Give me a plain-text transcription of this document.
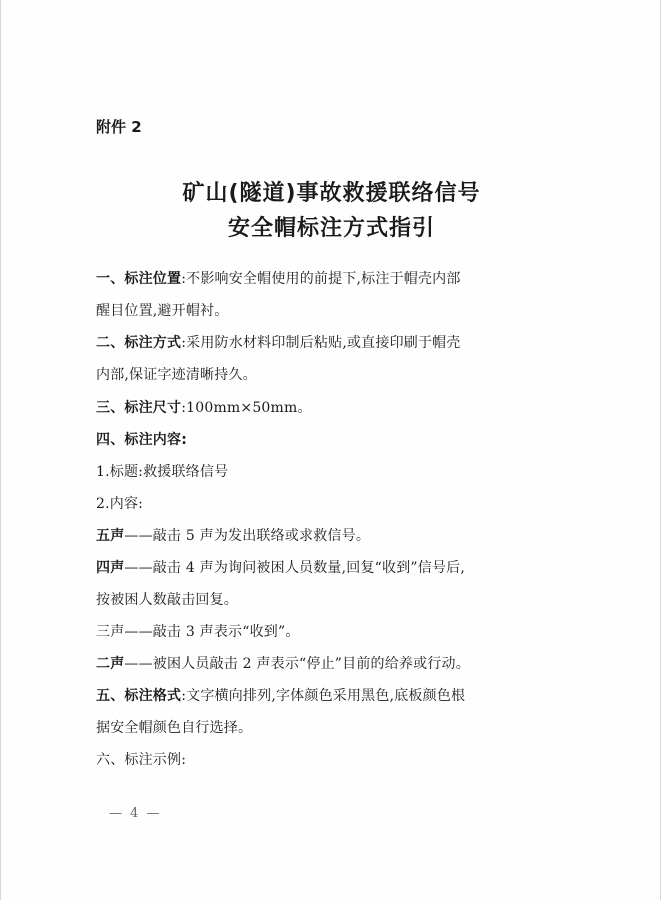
附件 2
矿山(隧道)事故救援联络信号
安全帽标注方式指引
一、标注位置:不影响安全帽使用的前提下,标注于帽壳内部
醒目位置,避开帽衬。
二、标注方式:采用防水材料印制后粘贴,或直接印刷于帽壳
内部,保证字迹清晰持久。
三、标注尺寸:100mm×50mm。
四、标注内容:
1.标题:救援联络信号
2.内容:
五声——敲击 5 声为发出联络或求救信号。
四声——敲击 4 声为询问被困人员数量,回复“收到”信号后,
按被困人数敲击回复。
三声——敲击 3 声表示“收到”。
二声——被困人员敲击 2 声表示“停止”目前的给养或行动。
五、标注格式:文字横向排列,字体颜色采用黑色,底板颜色根
据安全帽颜色自行选择。
六、标注示例:
— 4 —
